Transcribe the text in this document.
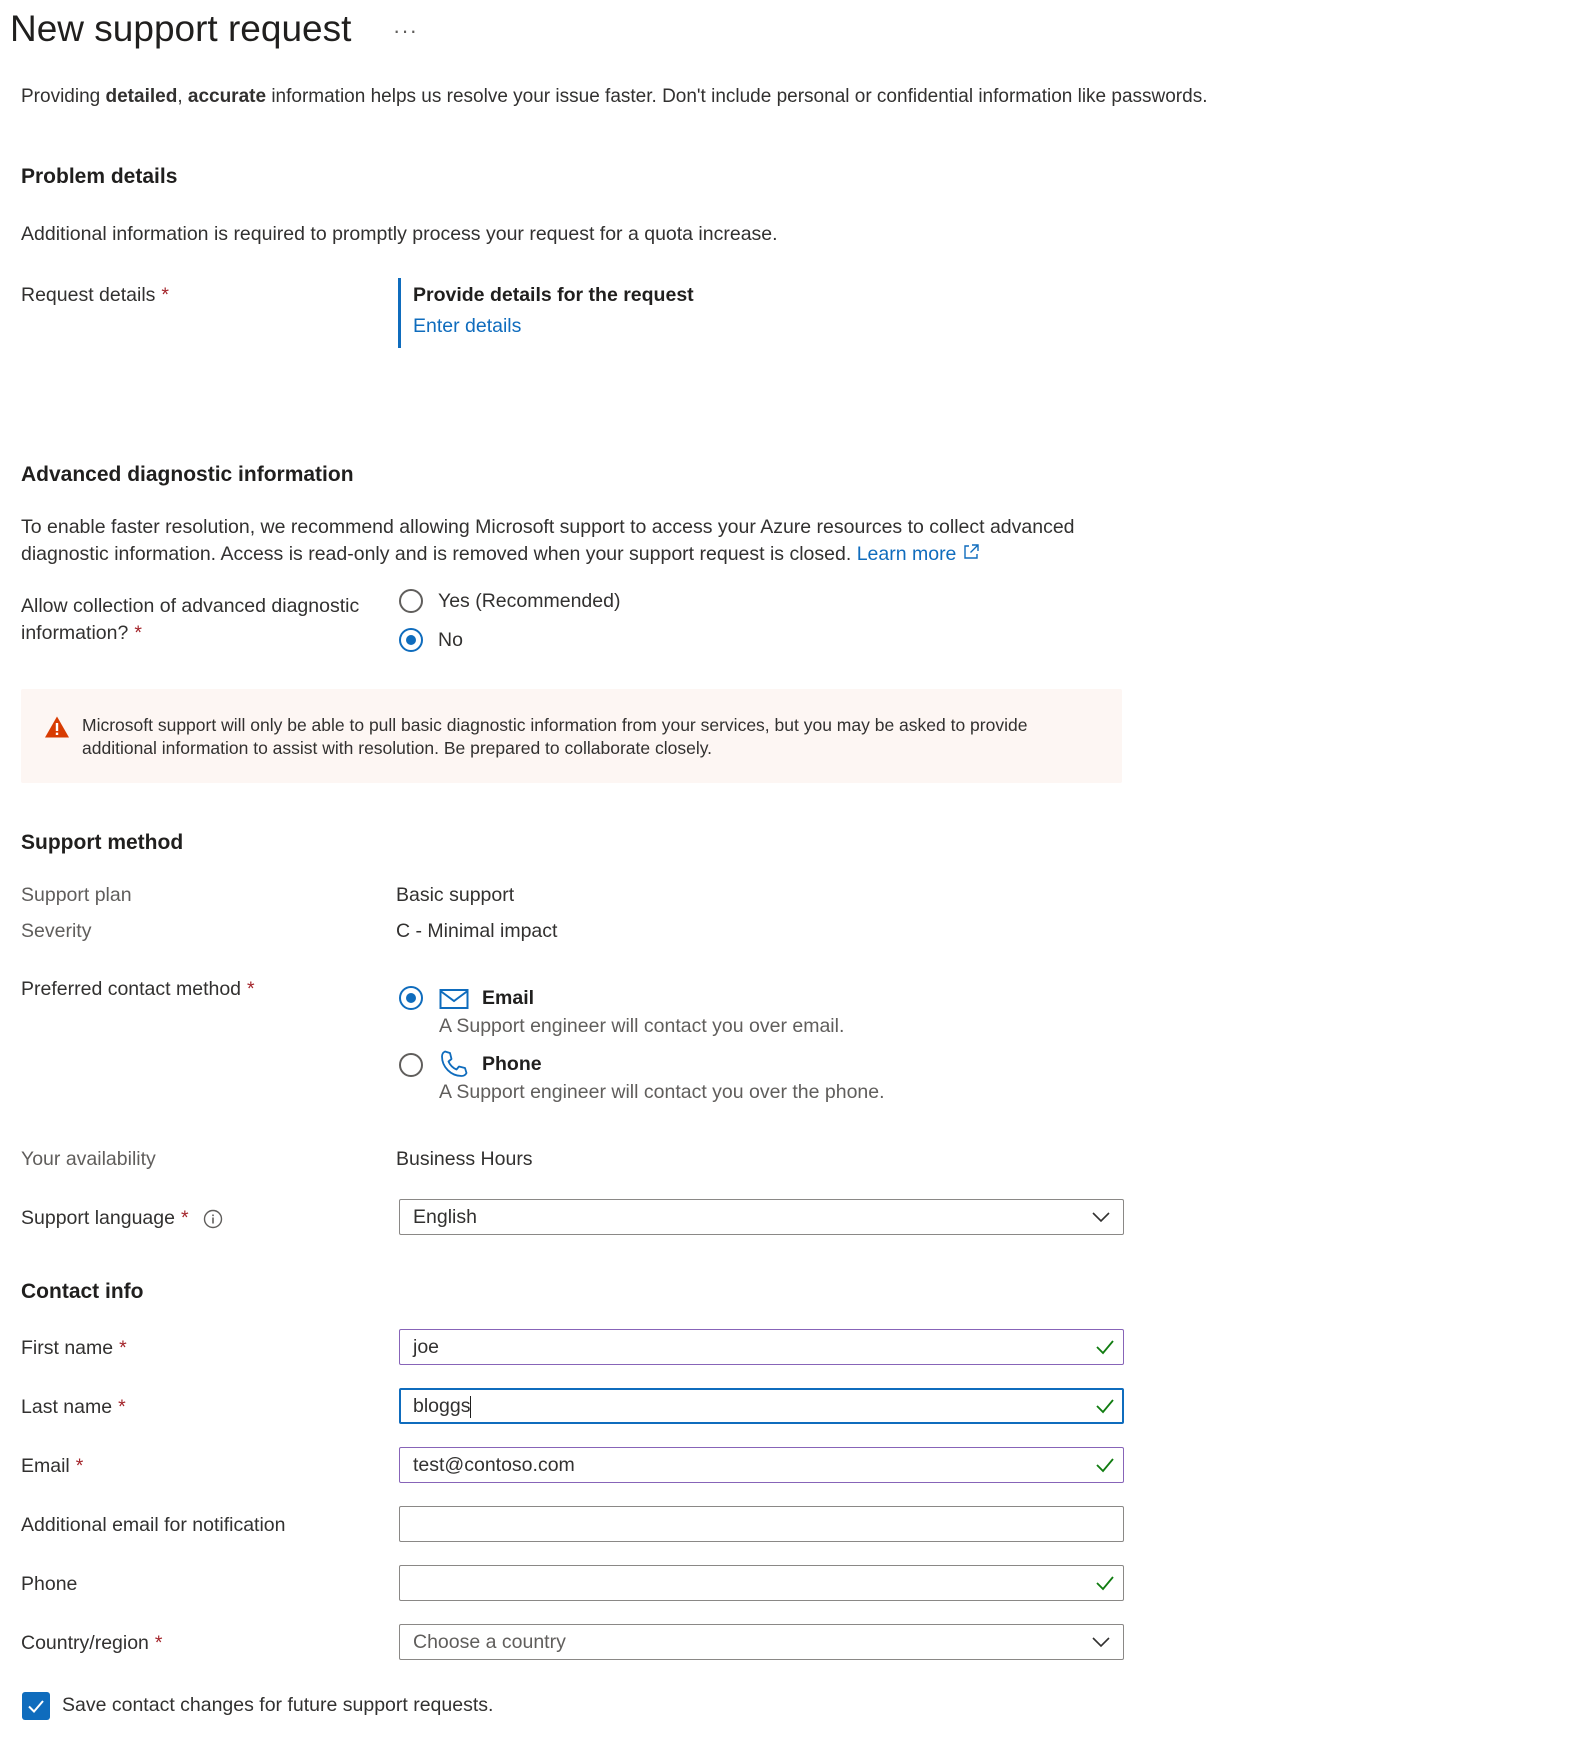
New support request ···
Providing detailed, accurate information helps us resolve your issue faster. Don't include personal or confidential information like passwords.
Problem details
Additional information is required to promptly process your request for a quota increase.
Request details *	Provide details for the request
Enter details
Advanced diagnostic information
To enable faster resolution, we recommend allowing Microsoft support to access your Azure resources to collect advanced diagnostic information. Access is read-only and is removed when your support request is closed. Learn more
Allow collection of advanced diagnostic
information? *
Yes (Recommended)
No
Microsoft support will only be able to pull basic diagnostic information from your services, but you may be asked to provide additional information to assist with resolution. Be prepared to collaborate closely.
Support method
Support plan	Basic support
Severity	C - Minimal impact
Preferred contact method *	Email
A Support engineer will contact you over email.
Phone
A Support engineer will contact you over the phone.
Your availability	Business Hours
Support language *	English
Contact info
First name *	joe
Last name *	bloggs
Email *	test@contoso.com
Additional email for notification
Phone
Country/region *	Choose a country
Save contact changes for future support requests.
